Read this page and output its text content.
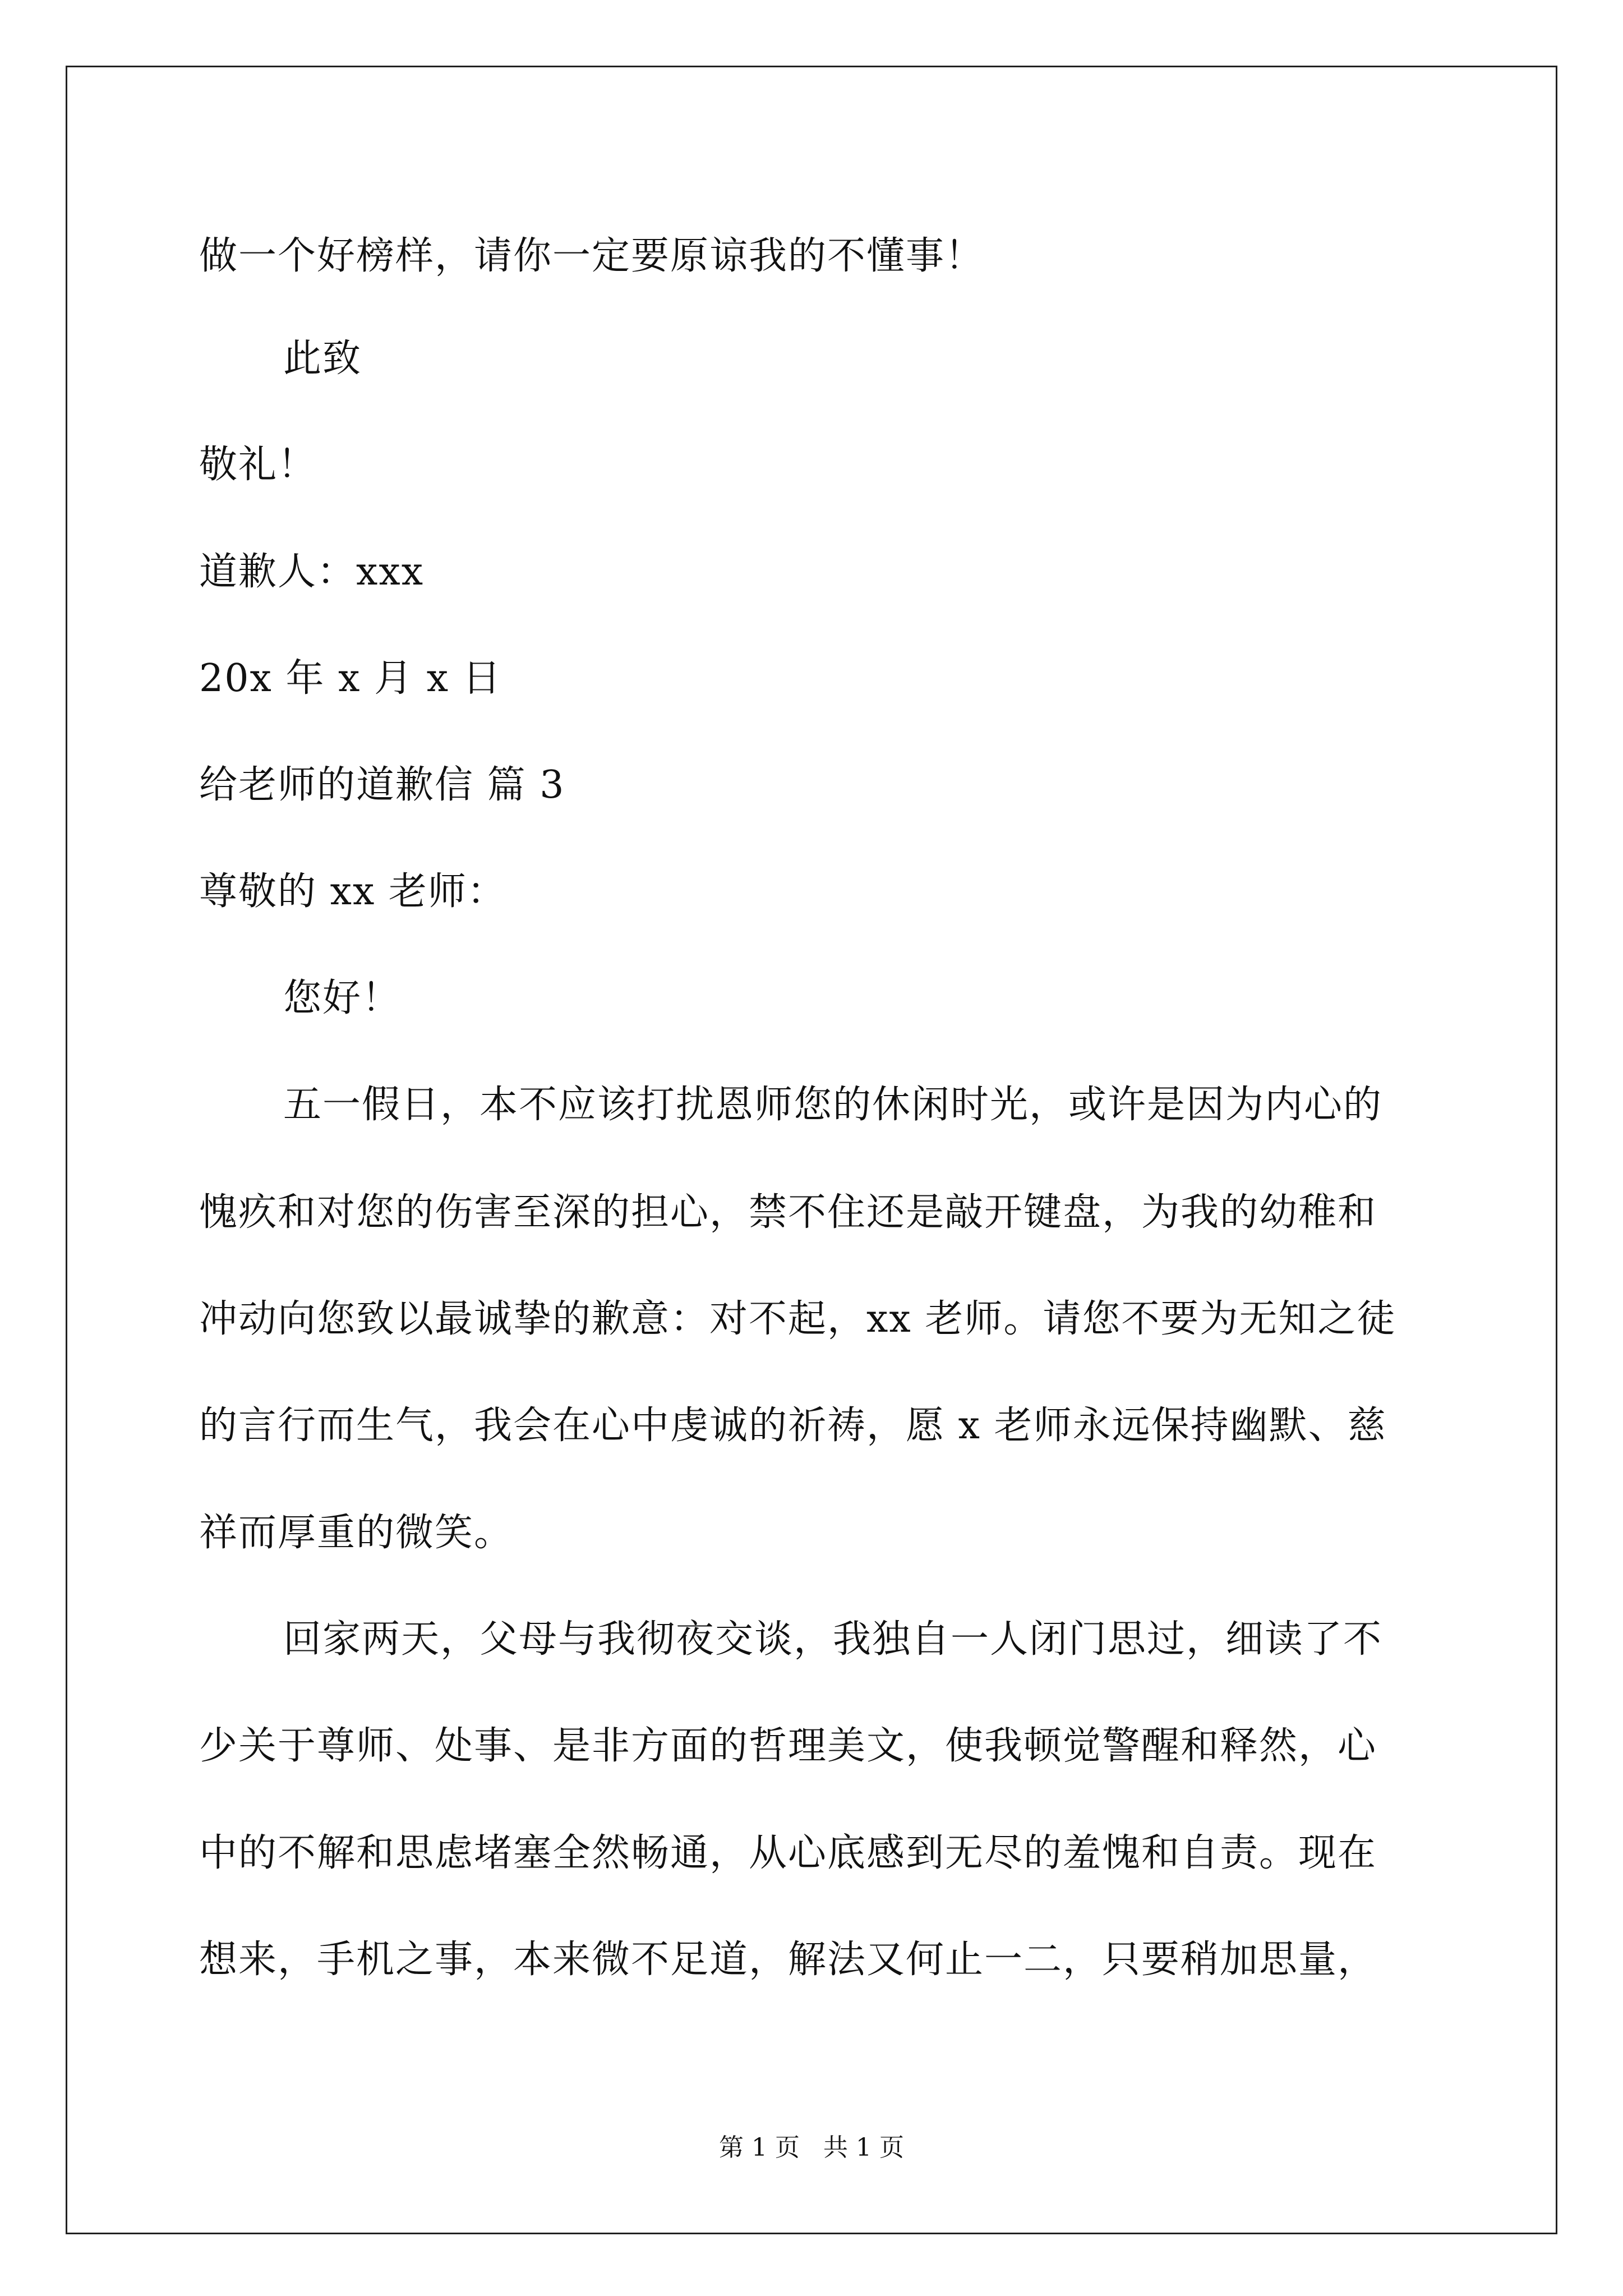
做一个好榜样，请你一定要原谅我的不懂事！
此致
敬礼！
道歉人：xxx
20x 年 x 月 x 日
给老师的道歉信 篇 3
尊敬的 xx 老师：
您好！
五一假日，本不应该打扰恩师您的休闲时光，或许是因为内心的
愧疚和对您的伤害至深的担心，禁不住还是敲开键盘，为我的幼稚和
冲动向您致以最诚挚的歉意：对不起，xx 老师。请您不要为无知之徒
的言行而生气，我会在心中虔诚的祈祷，愿 x 老师永远保持幽默、慈
祥而厚重的微笑。
回家两天，父母与我彻夜交谈，我独自一人闭门思过，细读了不
少关于尊师、处事、是非方面的哲理美文，使我顿觉警醒和释然，心
中的不解和思虑堵塞全然畅通，从心底感到无尽的羞愧和自责。现在
想来，手机之事，本来微不足道，解法又何止一二，只要稍加思量，
第 1 页   共 1 页
